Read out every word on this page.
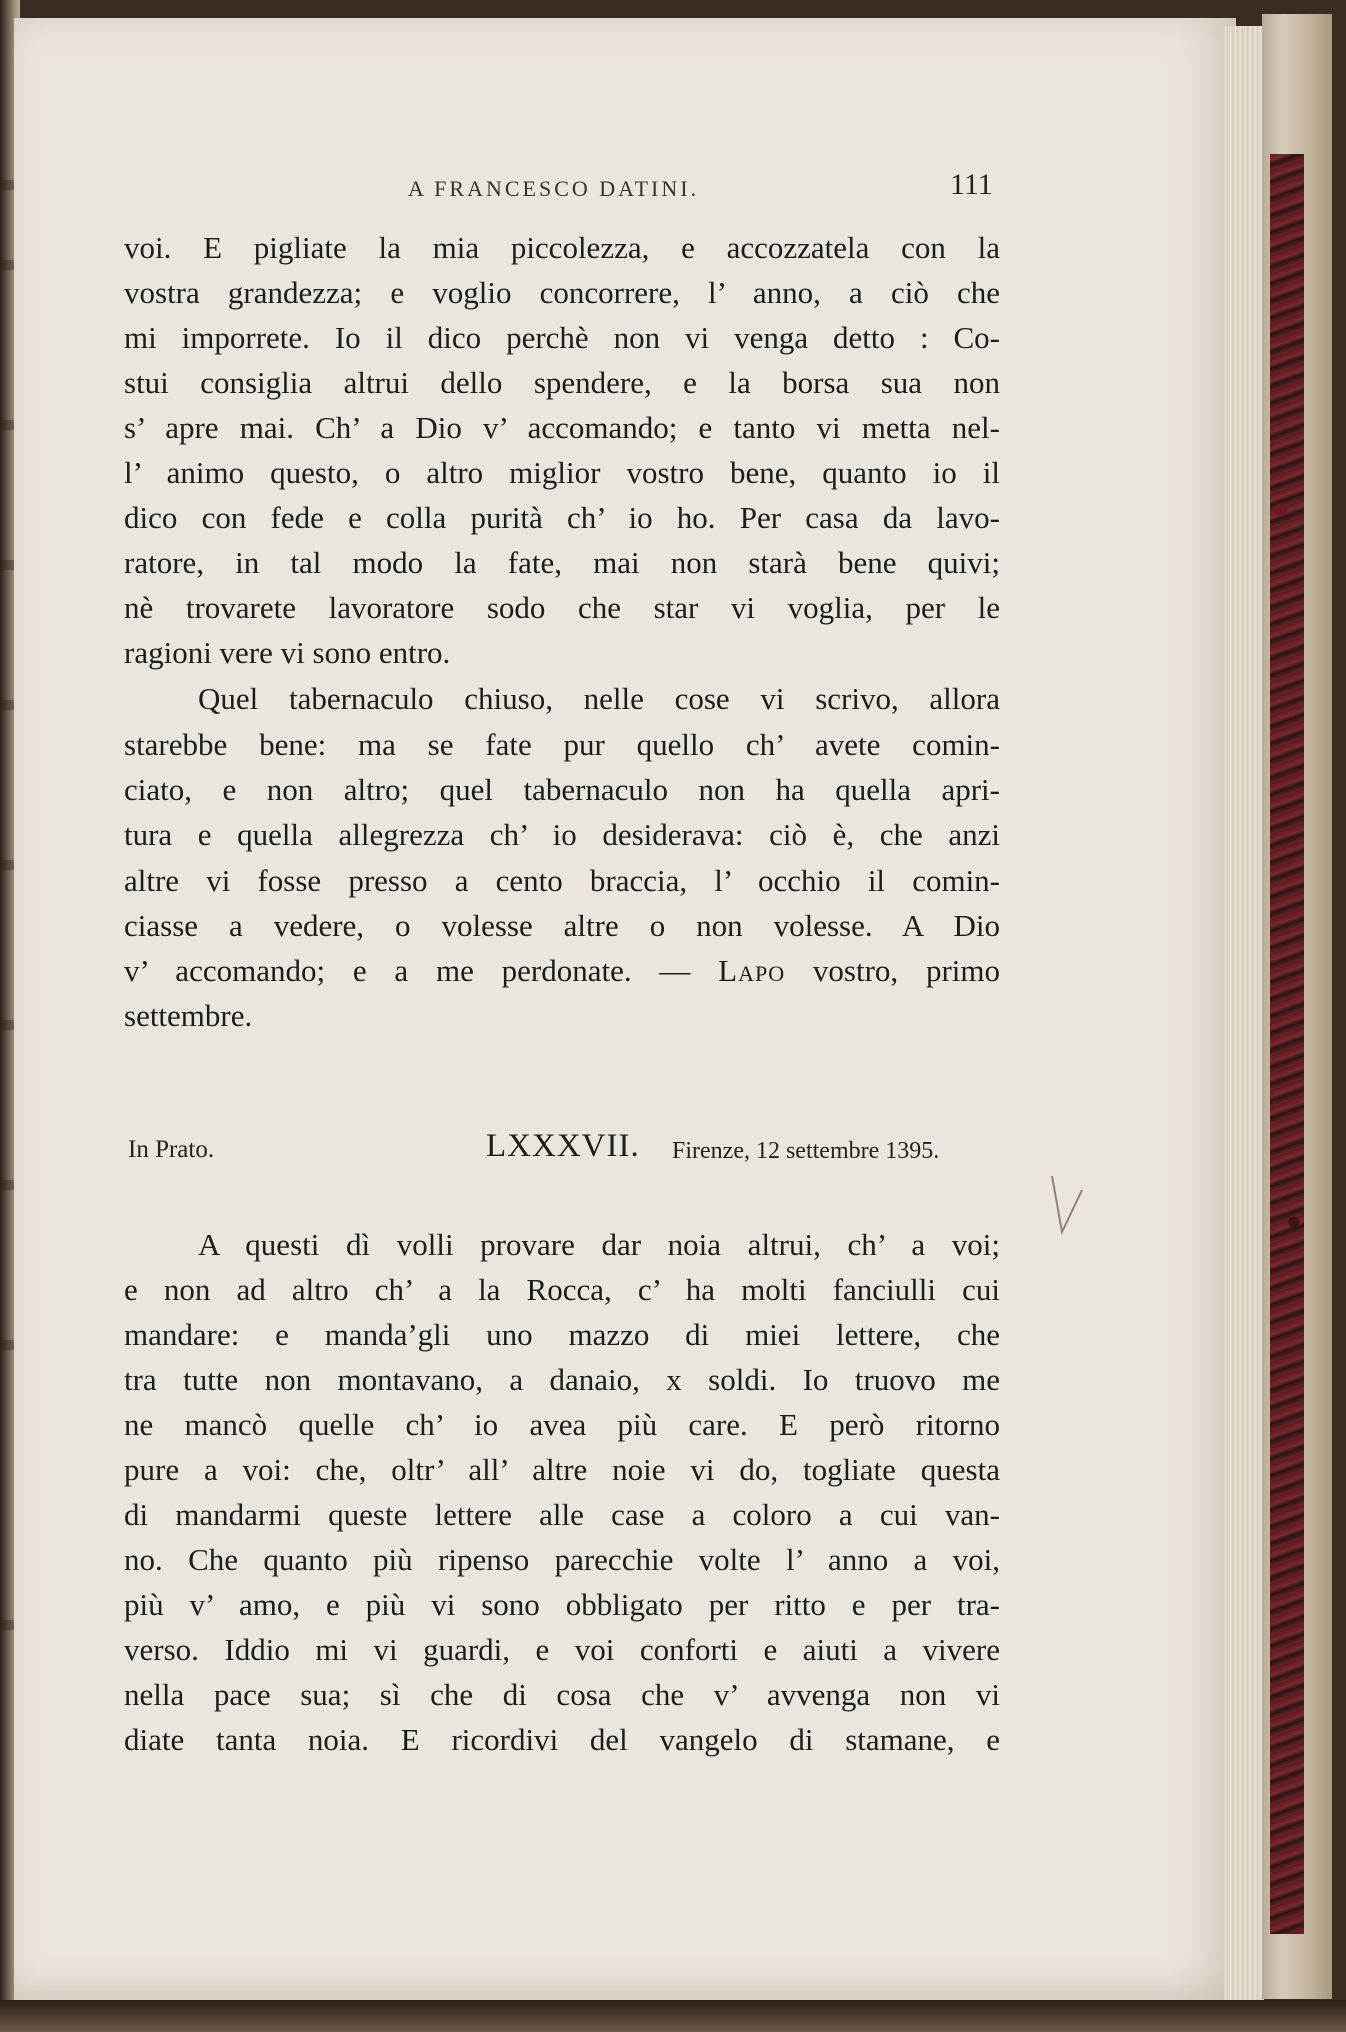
A FRANCESCO DATINI.	111
voi. E pigliate la mia piccolezza, e accozzatela con la
vostra grandezza; e voglio concorrere, l’ anno, a ciò che
mi imporrete. Io il dico perchè non vi venga detto : Co-
stui consiglia altrui dello spendere, e la borsa sua non
s’ apre mai. Ch’ a Dio v’ accomando; e tanto vi metta nel-
l’ animo questo, o altro miglior vostro bene, quanto io il
dico con fede e colla purità ch’ io ho. Per casa da lavo-
ratore, in tal modo la fate, mai non starà bene quivi;
nè trovarete lavoratore sodo che star vi voglia, per le
ragioni vere vi sono entro.
Quel tabernaculo chiuso, nelle cose vi scrivo, allora
starebbe bene: ma se fate pur quello ch’ avete comin-
ciato, e non altro; quel tabernaculo non ha quella apri-
tura e quella allegrezza ch’ io desiderava: ciò è, che anzi
altre vi fosse presso a cento braccia, l’ occhio il comin-
ciasse a vedere, o volesse altre o non volesse. A Dio
v’ accomando; e a me perdonate. — Lapo vostro, primo
settembre.
In Prato.	LXXXVII. Firenze, 12 settembre 1395.
A questi dì volli provare dar noia altrui, ch’ a voi;
e non ad altro ch’ a la Rocca, c’ ha molti fanciulli cui
mandare: e manda’gli uno mazzo di miei lettere, che
tra tutte non montavano, a danaio, x soldi. Io truovo me
ne mancò quelle ch’ io avea più care. E però ritorno
pure a voi: che, oltr’ all’ altre noie vi do, togliate questa
di mandarmi queste lettere alle case a coloro a cui van-
no. Che quanto più ripenso parecchie volte l’ anno a voi,
più v’ amo, e più vi sono obbligato per ritto e per tra-
verso. Iddio mi vi guardi, e voi conforti e aiuti a vivere
nella pace sua; sì che di cosa che v’ avvenga non vi
diate tanta noia. E ricordivi del vangelo di stamane, e
